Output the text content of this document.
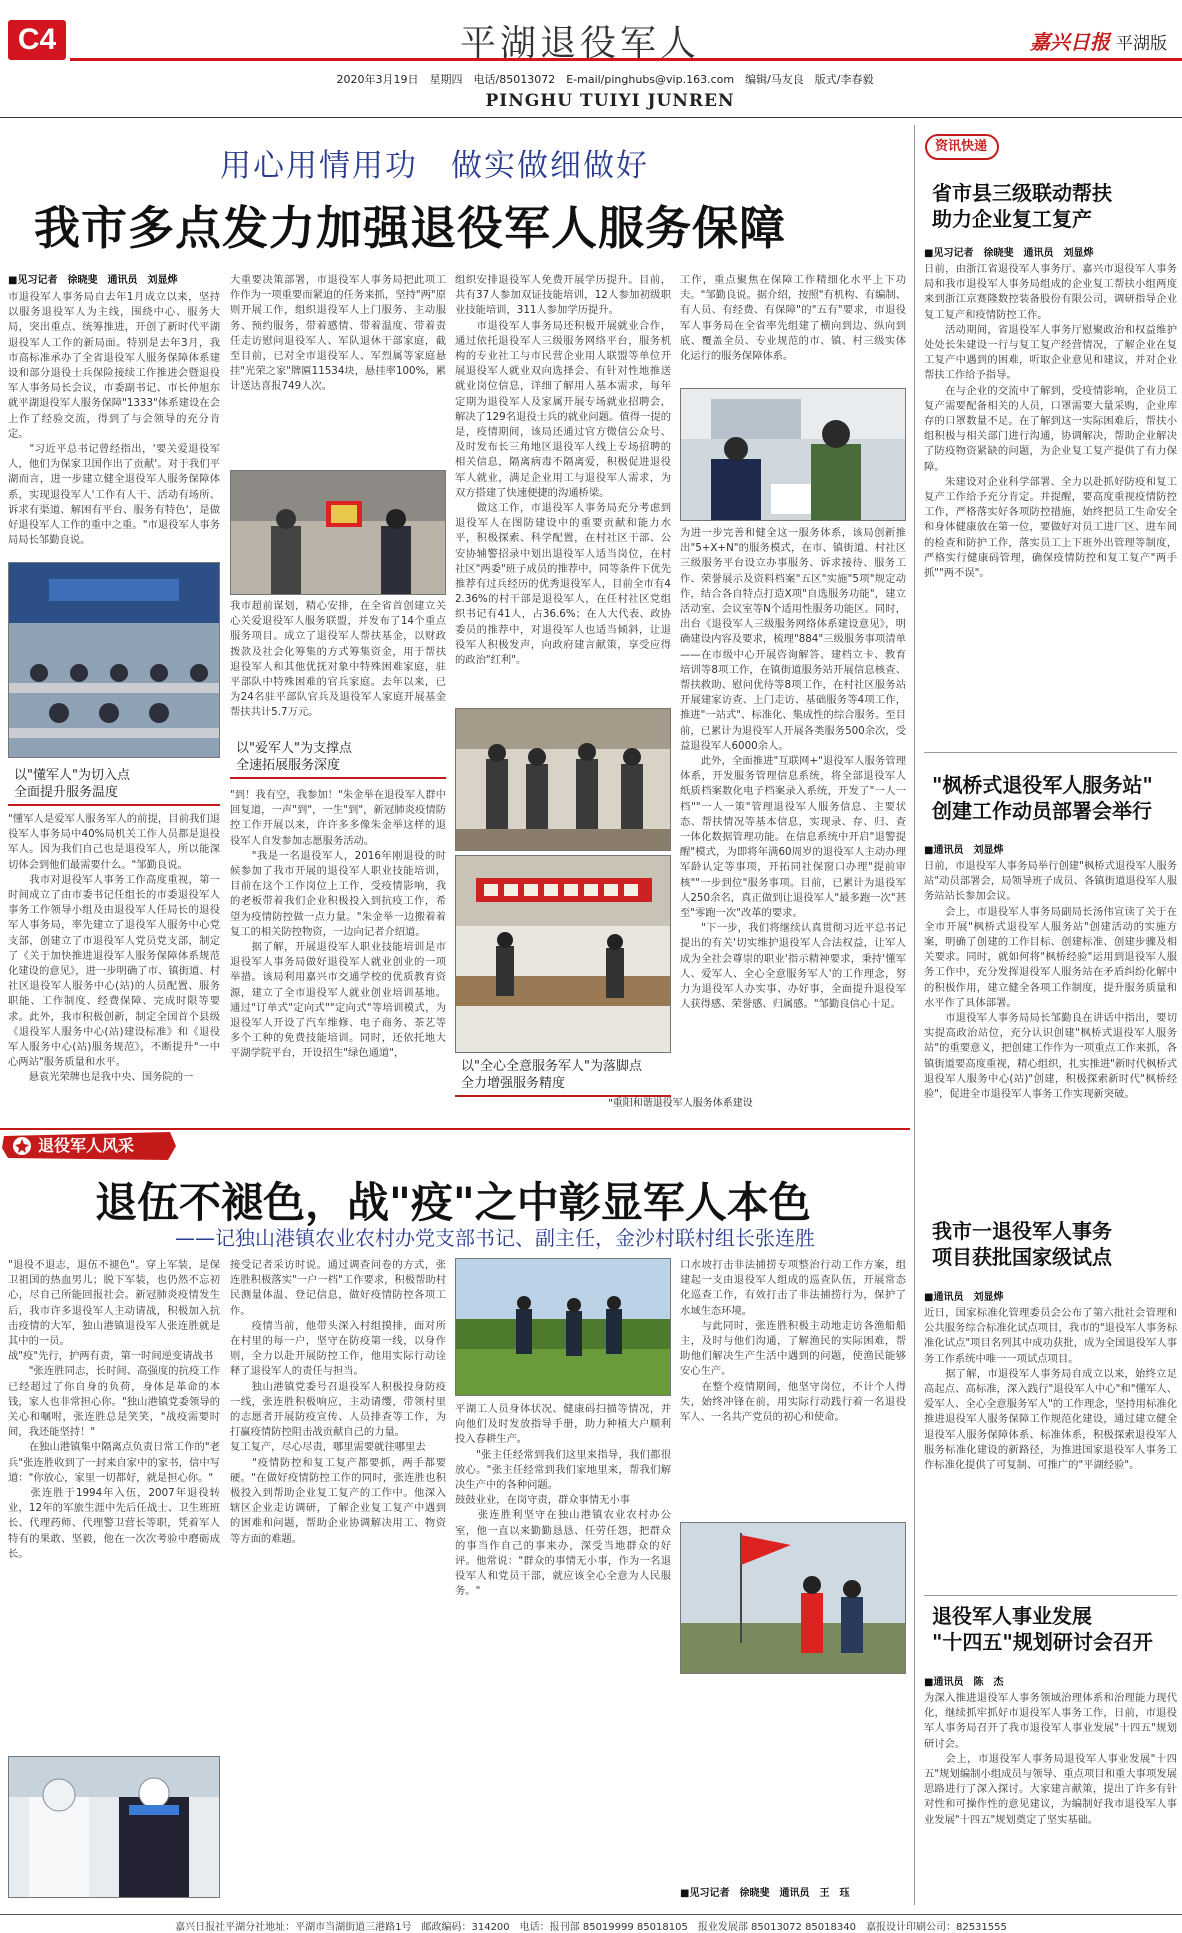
C4	平湖退役军人	嘉兴日报 平湖版
2020年3月19日　星期四　电话/85013072　E-mail/pinghubs@vip.163.com　编辑/马友良　版式/李春毅
PINGHU TUIYI JUNREN
用心用情用功　做实做细做好
我市多点发力加强退役军人服务保障
■见习记者　徐晓斐　通讯员　刘显烨
市退役军人事务局自去年1月成立以来，坚持以服务退役军人为主线，围绕中心、服务大局，突出重点、统筹推进，开创了新时代平湖退役军人工作的新局面。特别是去年3月，我市高标准承办了全省退役军人服务保障体系建设和部分退役士兵保险接续工作推进会暨退役军人事务局长会议，市委副书记、市长仲旭东就平湖退役军人服务保障"1333"体系建设在会上作了经验交流，得到了与会领导的充分肯定。
　　"习近平总书记曾经指出，'要关爱退役军人，他们为保家卫国作出了贡献'。对于我们平湖而言，进一步建立健全退役军人服务保障体系，实现退役军人'工作有人干、活动有场所、诉求有渠道、解困有平台、服务有特色'，是做好退役军人工作的重中之重。"市退役军人事务局局长邹勤良说。
以"懂军人"为切入点
全面提升服务温度
"懂军人是爱军人服务军人的前提，目前我们退役军人事务局中40%局机关工作人员都是退役军人。因为我们自己也是退役军人，所以能深切体会到他们最需要什么。"邹勤良说。
　　我市对退役军人事务工作高度重视，第一时间成立了由市委书记任组长的市委退役军人事务工作领导小组及由退役军人任局长的退役军人事务局，率先建立了退役军人服务中心党支部，创建立了市退役军人党员党支部，制定了《关于加快推进退役军人服务保障体系规范化建设的意见》，进一步明确了市、镇街道、村社区退役军人服务中心(站)的人员配置、服务职能、工作制度、经费保障、完成时限等要求。此外，我市积极创新，制定全国首个县级《退役军人服务中心(站)建设标准》和《退役军人服务中心(站)服务规范》，不断提升"一中心两站"服务质量和水平。
　　悬袁光荣牌也是我中央、国务院的一
大重要决策部署，市退役军人事务局把此项工作作为一项重要而紧迫的任务来抓，坚持"两"原则开展工作，组织退役军人上门服务、主动服务、预约服务，带着感情、带着温度、带着责任走访慰问退役军人、军队退休干部家庭，截至目前，已对全市退役军人、军烈属等家庭悬挂"光荣之家"牌匾11534块，悬挂率100%，累计送达喜报749人次。
我市超前谋划，精心安排，在全省首创建立关心关爱退役军人服务联盟，并发布了14个重点服务项目。成立了退役军人帮扶基金，以财政拨款及社会化筹集的方式筹集资金，用于帮扶退役军人和其他优抚对象中特殊困难家庭，驻平部队中特殊困难的官兵家庭。去年以来，已为24名驻平部队官兵及退役军人家庭开展基金帮扶共计5.7万元。
以"爱军人"为支撑点
全速拓展服务深度
"到！我有空，我参加！"朱金举在退役军人群中回复道，一声"到"，一生"到"，新冠肺炎疫情防控工作开展以来，许许多多像朱金举这样的退役军人自发参加志愿服务活动。
　　"我是一名退役军人，2016年刚退役的时候参加了我市开展的退役军人职业技能培训，目前在这个工作岗位上工作，受疫情影响，我的老板带着我们企业积极投入到抗疫工作，希望为疫情防控做一点力量。"朱金举一边搬着着复工的相关防控物资，一边向记者介绍道。
　　据了解，开展退役军人职业技能培训是市退役军人事务局做好退役军人就业创业的一项举措。该局利用嘉兴市交通学校的优质教育资源，建立了全市退役军人就业创业培训基地。通过"订单式"定向式""定向式"等培训模式，为退役军人开设了汽车维修、电子商务、茶艺等多个工种的免费技能培训。同时，还依托地大平湖学院平台，开设招生"绿色通道"，
组织安排退役军人免费开展学历提升。目前，共有37人参加双证技能培训，12人参加初级职业技能培训，311人参加学历提升。
　　市退役军人事务局还积极开展就业合作，通过依托退役军人三级服务网络平台，服务机构的专业社工与市民营企业用人联盟等单位开展退役军人就业双向选择会、有针对性地推送就业岗位信息，详细了解用人基本需求，每年定期为退役军人及家属开展专场就业招聘会，解决了129名退役士兵的就业问题。值得一提的是，疫情期间，该局还通过官方微信公众号、及时发布长三角地区退役军人线上专场招聘的相关信息，隔离病毒不隔离爱，积极促进退役军人就业，满足企业用工与退役军人需求，为双方搭建了快速便捷的沟通桥梁。
　　做这工作，市退役军人事务局充分考虑到退役军人在图防建设中的重要贡献和能力水平，积极探索、科学配置，在村社区干部、公安协辅警招录中划出退役军人适当岗位，在村社区"两委"班子成员的推荐中，同等条件下优先推荐有过兵经历的优秀退役军人，目前全市有42.36%的村干部是退役军人，在任村社区党组织书记有41人，占36.6%；在人大代表、政协委员的推荐中，对退役军人也适当倾斜，让退役军人积极发声，向政府建言献策，享受应得的政治"红利"。
以"全心全意服务军人"为落脚点
全力增强服务精度
工作，重点聚焦在保障工作精细化水平上下功夫。"邹勤良说。据介绍，按照"有机构、有编制、有人员、有经费、有保障"的"五有"要求，市退役军人事务局在全省率先组建了横向到边、纵向到底、覆盖全员、专业规范的市、镇、村三级实体化运行的服务保障体系。
为进一步完善和健全这一服务体系，该局创新推出"5+X+N"的服务模式，在市、镇街道、村社区三级服务平台设立办事服务、诉求接待、服务工作、荣誉展示及资料档案"五区"实施"5项"规定动作，结合各自特点打造X项"自选服务功能"，建立活动室、会议室等N个适用性服务功能区。同时，出台《退役军人三级服务网络体系建设意见》，明确建设内容及要求，梳理"884"三级服务事项清单——在市级中心开展咨询解答、建档立卡、教育培训等8项工作，在镇街道服务站开展信息核查、帮扶救助、慰问优待等8项工作，在村社区服务站开展建家访查、上门走访、基础服务等4项工作，推进"一站式"、标准化、集成性的综合服务。至目前，已累计为退役军人开展各类服务500余次，受益退役军人6000余人。
　　此外，全面推进"互联网+"退役军人服务管理体系，开发服务管理信息系统，将全部退役军人纸质档案数化电子档案录入系统，开发了"一人一档""一人一策"管理退役军人服务信息、主要状态、帮扶情况等基本信息，实现录、存、归、查一体化数据管理功能。在信息系统中开启"退警提醒"模式，为即将年满60周岁的退役军人主动办理军龄认定等事项，开拓同社保窗口办理"提前审核""一步到位"服务事项。目前，已累计为退役军人250余名，真正做到让退役军人"最多跑一次"甚至"零跑一次"改革的要求。
　　"下一步，我们将继续认真贯彻习近平总书记提出的有关'切实维护退役军人合法权益，让军人成为全社会尊崇的职业'指示精神要求，秉持'懂军人、爱军人、全心全意服务军人'的工作理念，努力为退役军人办实事、办好事，全面提升退役军人获得感、荣誉感、归属感。"邹勤良信心十足。
"重阳和谐退役军人服务体系建设
资讯快递
省市县三级联动帮扶
助力企业复工复产
■见习记者　徐晓斐　通讯员　刘显烨
日前，由浙江省退役军人事务厅、嘉兴市退役军人事务局和我市退役军人事务局组成的企业复工帮扶小组两度来到浙江京赛隆数控装备股份有限公司，调研指导企业复工复产和疫情防控工作。
　　活动期间，省退役军人事务厅慰聚政治和权益维护处处长朱建设一行与复工复产经营情况，了解企业在复工复产中遇到的困难，听取企业意见和建议，并对企业帮扶工作给予指导。
　　在与企业的交流中了解到，受疫情影响，企业员工复产需要配备相关的人员，口罩需要大量采购，企业库存的口罩数量不足。在了解到这一实际困难后，帮扶小组积极与相关部门进行沟通，协调解决，帮助企业解决了防疫物资紧缺的问题，为企业复工复产提供了有力保障。
　　朱建设对企业科学部署、全力以赴抓好防疫和复工复产工作给予充分肯定。并提醒，要高度重视疫情防控工作，严格落实好各项防控措施，始终把员工生命安全和身体健康放在第一位，要做好对员工进厂区、进车间的检查和防护工作，落实员工上下班外出管理等制度，严格实行健康码管理，确保疫情防控和复工复产"两手抓""两不误"。
"枫桥式退役军人服务站"
创建工作动员部署会举行
■通讯员　刘显烨
日前，市退役军人事务局举行创建"枫桥式退役军人服务站"动员部署会，局领导班子成员、各镇街道退役军人服务站站长参加会议。
　　会上，市退役军人事务局副局长汤伟宣读了关于在全市开展"枫桥式退役军人服务站"创建活动的实施方案，明确了创建的工作目标、创建标准、创建步骤及相关要求。同时，就如何将"枫桥经验"运用到退役军人服务工作中，充分发挥退役军人服务站在矛盾纠纷化解中的积极作用，建立健全各项工作制度，提升服务质量和水平作了具体部署。
　　市退役军人事务局局长邹勤良在讲话中指出，要切实提高政治站位，充分认识创建"枫桥式退役军人服务站"的重要意义，把创建工作作为一项重点工作来抓，各镇街道要高度重视，精心组织，扎实推进"新时代枫桥式退役军人服务中心(站)"创建，积极探索新时代"枫桥经验"，促进全市退役军人事务工作实现新突破。
退役军人风采
退伍不褪色，战"疫"之中彰显军人本色
——记独山港镇农业农村办党支部书记、副主任，金沙村联村组长张连胜
"退役不退志，退伍不褪色"。穿上军装，是保卫祖国的热血男儿；脱下军装，也仍然不忘初心，尽自己所能回报社会。新冠肺炎疫情发生后，我市许多退役军人主动请战，积极加入抗击疫情的大军，独山港镇退役军人张连胜就是其中的一员。
战"疫"先行，护两有责，第一时间逆变请战书
　　"张连胜同志，长时间、高强度的抗疫工作已经超过了你自身的负荷，身体是革命的本钱，家人也非常担心你。"独山港镇党委领导的关心和嘱咐，张连胜总是笑笑，"战疫需要时间，我还能坚持！"
　　在独山港镇集中隔离点负责日常工作的"老兵"张连胜收到了一封来自家中的家书，信中写道："你放心，家里一切都好，就是担心你。"
　　张连胜于1994年入伍，2007年退役转业，12年的军旅生涯中先后任战士、卫生班班长、代理药师、代理警卫营长等职，凭着军人特有的果敢、坚毅，他在一次次考验中磨砺成长。
接受记者采访时说。通过调查问卷的方式，张连胜积极落实"一户一档"工作要求，积极帮助村民测量体温、登记信息，做好疫情防控各项工作。
　　疫情当前，他带头深入村组摸排，面对所在村里的每一户，坚守在防疫第一线，以身作则，全力以赴开展防控工作，他用实际行动诠释了退役军人的责任与担当。
　　独山港镇党委号召退役军人积极投身防疫一线，张连胜积极响应，主动请缨，带领村里的志愿者开展防疫宣传、人员排查等工作，为打赢疫情防控阻击战贡献自己的力量。
复工复产，尽心尽责，哪里需要就往哪里去
　　"疫情防控和复工复产都要抓，两手都要硬。"在做好疫情防控工作的同时，张连胜也积极投入到帮助企业复工复产的工作中。他深入辖区企业走访调研，了解企业复工复产中遇到的困难和问题，帮助企业协调解决用工、物资等方面的难题。
平湖工人员身体状况、健康码扫描等情况，并向他们及时发放指导手册，助力种植大户顺利投入春耕生产。
　　"张主任经常到我们这里来指导，我们都很放心。"张主任经常到我们家地里来，帮我们解决生产中的各种问题。
鼓鼓业业，在岗守责，群众事情无小事
　　张连胜利坚守在独山港镇农业农村办公室，他一直以来勤勤恳恳、任劳任怨，把群众的事当作自己的事来办，深受当地群众的好评。他常说："群众的事情无小事，作为一名退役军人和党员干部，就应该全心全意为人民服务。"
口水坡打击非法捕捞专项整治行动工作方案，组建起一支由退役军人组成的巡查队伍，开展常态化巡查工作，有效打击了非法捕捞行为，保护了水域生态环境。
　　与此同时，张连胜积极主动地走访各渔船船主，及时与他们沟通，了解渔民的实际困难，帮助他们解决生产生活中遇到的问题，使渔民能够安心生产。
　　在整个疫情期间，他坚守岗位，不计个人得失，始终冲锋在前，用实际行动践行着一名退役军人、一名共产党员的初心和使命。
■见习记者　徐晓斐　通讯员　王　珏
我市一退役军人事务
项目获批国家级试点
■通讯员　刘显烨
近日，国家标准化管理委员会公布了第六批社会管理和公共服务综合标准化试点项目，我市的"退役军人事务标准化试点"项目名列其中成功获批，成为全国退役军人事务工作系统中唯一一项试点项目。
　　据了解，市退役军人事务局自成立以来，始终立足高起点、高标准，深入践行"退役军人中心"和"懂军人、爱军人、全心全意服务军人"的工作理念，坚持用标准化推进退役军人服务保障工作规范化建设，通过建立健全退役军人服务保障体系、标准体系，积极探索退役军人服务标准化建设的新路径，为推进国家退役军人事务工作标准化提供了可复制、可推广的"平湖经验"。
退役军人事业发展
"十四五"规划研讨会召开
■通讯员　陈　杰
为深入推进退役军人事务领域治理体系和治理能力现代化，继续抓牢抓好市退役军人事务工作，日前，市退役军人事务局召开了我市退役军人事业发展"十四五"规划研讨会。
　　会上，市退役军人事务局退役军人事业发展"十四五"规划编制小组成员与领导、重点项目和重大事项发展思路进行了深入探讨。大家建言献策，提出了许多有针对性和可操作性的意见建议，为编制好我市退役军人事业发展"十四五"规划奠定了坚实基础。
嘉兴日报社平湖分社地址：平湖市当湖街道三港路1号　邮政编码：314200　电话：报刊部 85019999 85018105　报业发展部 85013072 85018340　嘉报设计印刷公司：82531555
